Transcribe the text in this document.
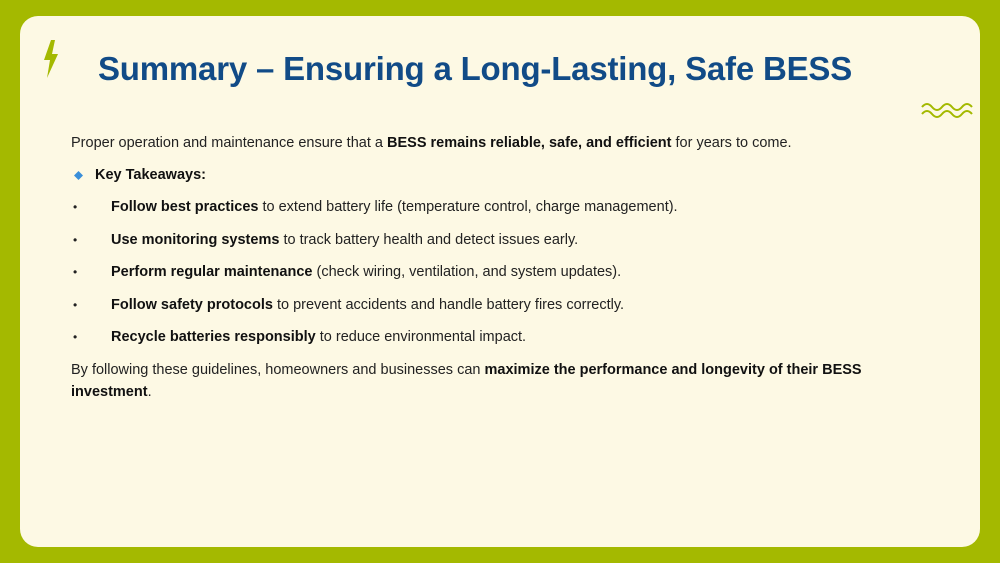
Summary – Ensuring a Long-Lasting, Safe BESS

Proper operation and maintenance ensure that a BESS remains reliable, safe, and efficient for years to come.

Key Takeaways:
•	Follow best practices to extend battery life (temperature control, charge management).
•	Use monitoring systems to track battery health and detect issues early.
•	Perform regular maintenance (check wiring, ventilation, and system updates).
•	Follow safety protocols to prevent accidents and handle battery fires correctly.
•	Recycle batteries responsibly to reduce environmental impact.

By following these guidelines, homeowners and businesses can maximize the performance and longevity of their BESS investment.
